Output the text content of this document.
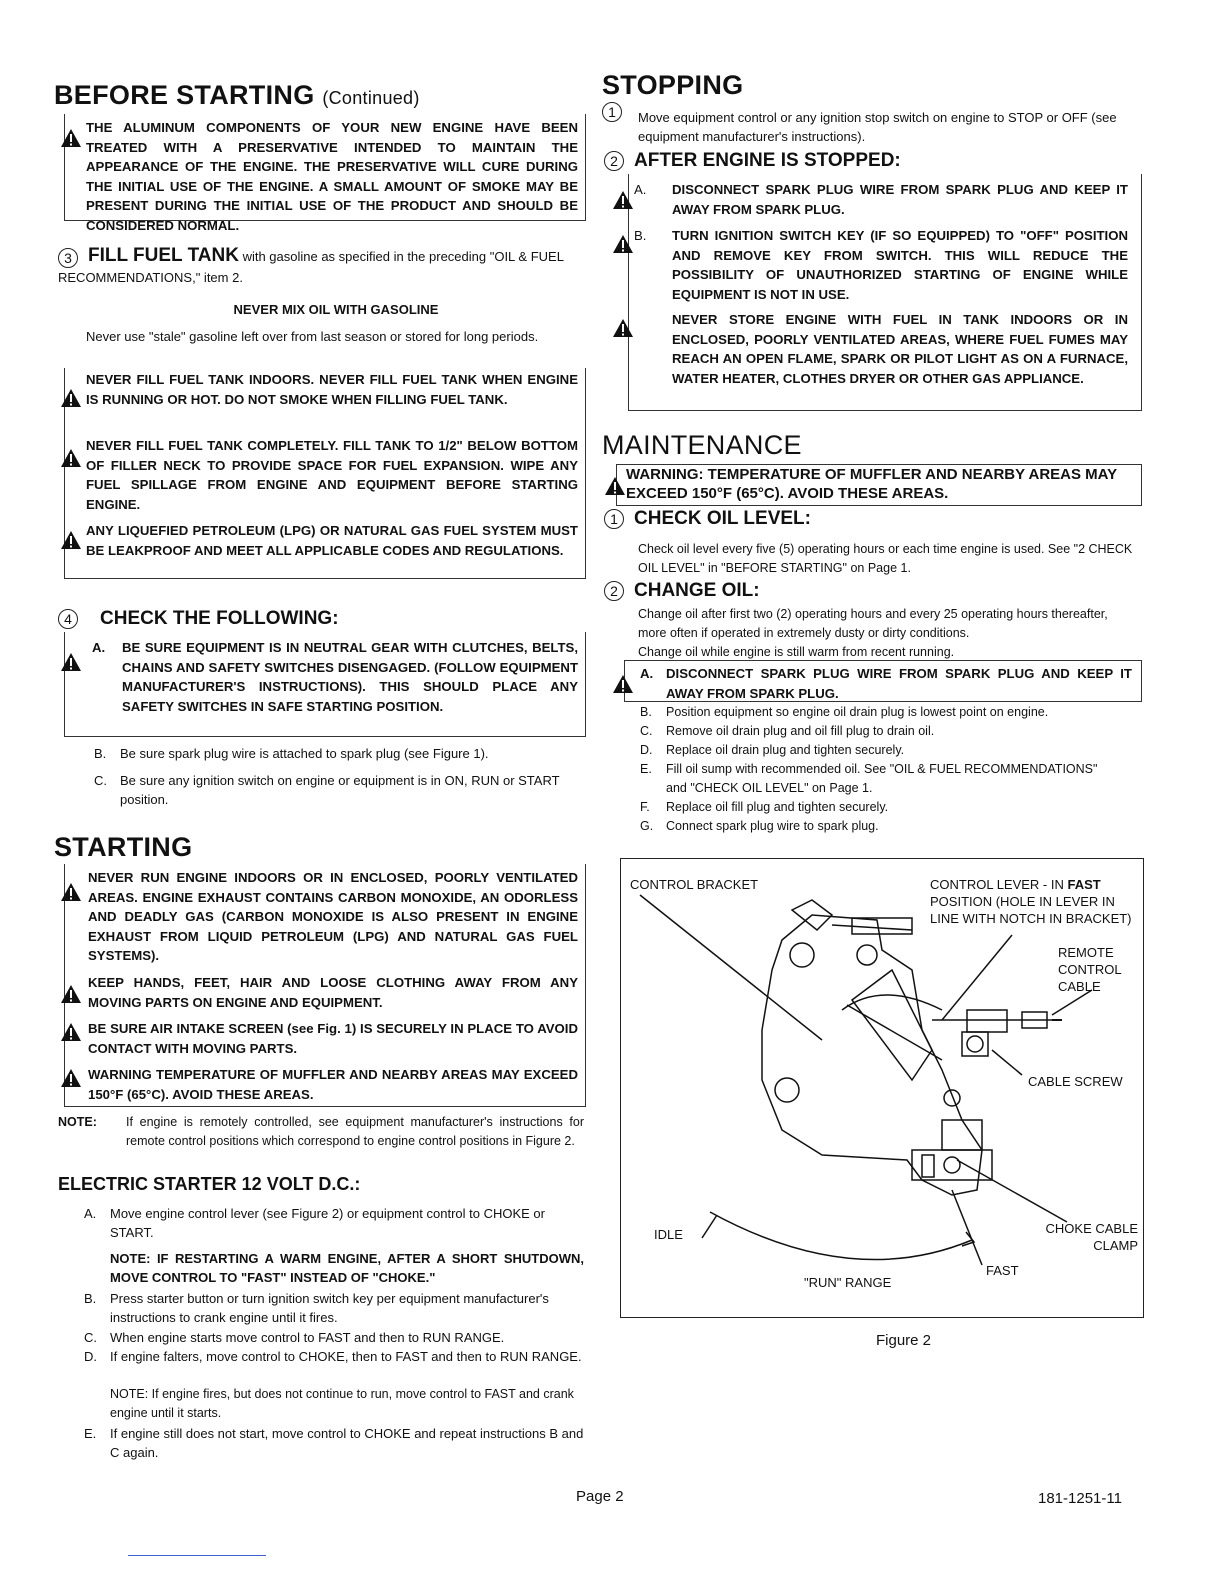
BEFORE STARTING (Continued)
THE ALUMINUM COMPONENTS OF YOUR NEW ENGINE HAVE BEEN TREATED WITH A PRESERVATIVE INTENDED TO MAINTAIN THE APPEARANCE OF THE ENGINE. THE PRESERVATIVE WILL CURE DURING THE INITIAL USE OF THE ENGINE. A SMALL AMOUNT OF SMOKE MAY BE PRESENT DURING THE INITIAL USE OF THE PRODUCT AND SHOULD BE CONSIDERED NORMAL.
3 FILL FUEL TANK with gasoline as specified in the preceding "OIL & FUEL RECOMMENDATIONS," item 2.
NEVER MIX OIL WITH GASOLINE
Never use "stale" gasoline left over from last season or stored for long periods.
NEVER FILL FUEL TANK INDOORS. NEVER FILL FUEL TANK WHEN ENGINE IS RUNNING OR HOT. DO NOT SMOKE WHEN FILLING FUEL TANK.
NEVER FILL FUEL TANK COMPLETELY. FILL TANK TO 1/2" BELOW BOTTOM OF FILLER NECK TO PROVIDE SPACE FOR FUEL EXPANSION. WIPE ANY FUEL SPILLAGE FROM ENGINE AND EQUIPMENT BEFORE STARTING ENGINE.
ANY LIQUEFIED PETROLEUM (LPG) OR NATURAL GAS FUEL SYSTEM MUST BE LEAKPROOF AND MEET ALL APPLICABLE CODES AND REGULATIONS.
4 CHECK THE FOLLOWING:
A. BE SURE EQUIPMENT IS IN NEUTRAL GEAR WITH CLUTCHES, BELTS, CHAINS AND SAFETY SWITCHES DISENGAGED. (FOLLOW EQUIPMENT MANUFACTURER'S INSTRUCTIONS). THIS SHOULD PLACE ANY SAFETY SWITCHES IN SAFE STARTING POSITION.
B. Be sure spark plug wire is attached to spark plug (see Figure 1).
C. Be sure any ignition switch on engine or equipment is in ON, RUN or START position.
STARTING
NEVER RUN ENGINE INDOORS OR IN ENCLOSED, POORLY VENTILATED AREAS. ENGINE EXHAUST CONTAINS CARBON MONOXIDE, AN ODORLESS AND DEADLY GAS (CARBON MONOXIDE IS ALSO PRESENT IN ENGINE EXHAUST FROM LIQUID PETROLEUM (LPG) AND NATURAL GAS FUEL SYSTEMS).
KEEP HANDS, FEET, HAIR AND LOOSE CLOTHING AWAY FROM ANY MOVING PARTS ON ENGINE AND EQUIPMENT.
BE SURE AIR INTAKE SCREEN (see Fig. 1) IS SECURELY IN PLACE TO AVOID CONTACT WITH MOVING PARTS.
WARNING TEMPERATURE OF MUFFLER AND NEARBY AREAS MAY EXCEED 150°F (65°C). AVOID THESE AREAS.
NOTE: If engine is remotely controlled, see equipment manufacturer's instructions for remote control positions which correspond to engine control positions in Figure 2.
ELECTRIC STARTER 12 VOLT D.C.:
A. Move engine control lever (see Figure 2) or equipment control to CHOKE or START.
NOTE: IF RESTARTING A WARM ENGINE, AFTER A SHORT SHUTDOWN, MOVE CONTROL TO "FAST" INSTEAD OF "CHOKE."
B. Press starter button or turn ignition switch key per equipment manufacturer's instructions to crank engine until it fires.
C. When engine starts move control to FAST and then to RUN RANGE.
D. If engine falters, move control to CHOKE, then to FAST and then to RUN RANGE.
NOTE: If engine fires, but does not continue to run, move control to FAST and crank engine until it starts.
E. If engine still does not start, move control to CHOKE and repeat instructions B and C again.
STOPPING
1	Move equipment control or any ignition stop switch on engine to STOP or OFF (see equipment manufacturer's instructions).
2 AFTER ENGINE IS STOPPED:
A. DISCONNECT SPARK PLUG WIRE FROM SPARK PLUG AND KEEP IT AWAY FROM SPARK PLUG.
B. TURN IGNITION SWITCH KEY (IF SO EQUIPPED) TO "OFF" POSITION AND REMOVE KEY FROM SWITCH. THIS WILL REDUCE THE POSSIBILITY OF UNAUTHORIZED STARTING OF ENGINE WHILE EQUIPMENT IS NOT IN USE.
NEVER STORE ENGINE WITH FUEL IN TANK INDOORS OR IN ENCLOSED, POORLY VENTILATED AREAS, WHERE FUEL FUMES MAY REACH AN OPEN FLAME, SPARK OR PILOT LIGHT AS ON A FURNACE, WATER HEATER, CLOTHES DRYER OR OTHER GAS APPLIANCE.
MAINTENANCE
WARNING: TEMPERATURE OF MUFFLER AND NEARBY AREAS MAY EXCEED 150°F (65°C). AVOID THESE AREAS.
1 CHECK OIL LEVEL:
Check oil level every five (5) operating hours or each time engine is used. See "2 CHECK OIL LEVEL" in "BEFORE STARTING" on Page 1.
2 CHANGE OIL:
Change oil after first two (2) operating hours and every 25 operating hours thereafter, more often if operated in extremely dusty or dirty conditions.
Change oil while engine is still warm from recent running.
A. DISCONNECT SPARK PLUG WIRE FROM SPARK PLUG AND KEEP IT AWAY FROM SPARK PLUG.
B. Position equipment so engine oil drain plug is lowest point on engine.
C. Remove oil drain plug and oil fill plug to drain oil.
D. Replace oil drain plug and tighten securely.
E. Fill oil sump with recommended oil. See "OIL & FUEL RECOMMENDATIONS" and "CHECK OIL LEVEL" on Page 1.
F. Replace oil fill plug and tighten securely.
G. Connect spark plug wire to spark plug.
CONTROL BRACKET	CONTROL LEVER - IN FAST POSITION (HOLE IN LEVER IN LINE WITH NOTCH IN BRACKET)
REMOTE CONTROL CABLE
CABLE SCREW
CHOKE CABLE CLAMP
IDLE
FAST
"RUN" RANGE
Figure 2
Page 2	181-1251-11
